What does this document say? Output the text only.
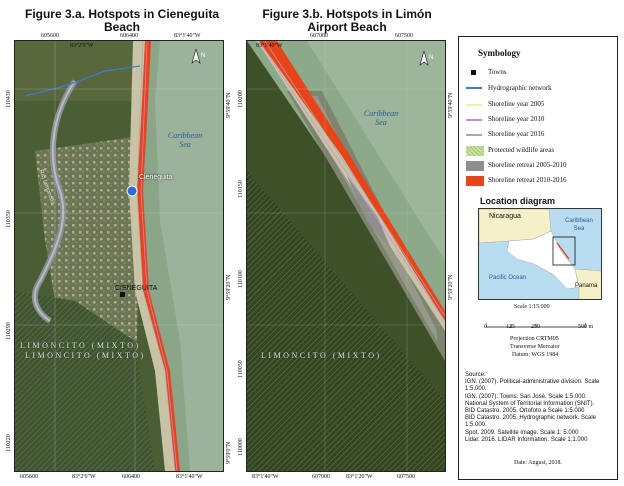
Figure 3.a. Hotspots in Cieneguita Beach
N
Caribbean Sea
Cieneguita
CIENEGUITA
Río Limoncito
LIMONCITO (MIXTO)
LIMONCITO (MIXTO)
605600	606400
605600	606400
83°2'0"W
83°1'40"W
83°2'0"W	83°1'40"W
110430
110350
110290
110220
9°59'40"N
9°59'20"N
9°59'0"N
Figure 3.b. Hotspots in Limón Airport Beach
N
Caribbean Sea
LIMONCITO (MIXTO)
607000	607500
607000	607500
83°1'40"W
83°1'40"W	83°1'20"W
110200
110150
110100
110050
110000
9°59'40"N
9°59'20"N
Symbology
Towns
Hydrographic network
Shoreline year 2005
Shoreline year 2010
Shoreline year 2016
Protected wildlife areas
Shoreline retreat 2005-2010
Shoreline retreat 2010-2016
Location diagram
Nicaragua
Caribbean Sea
Pacific Ocean
Panama
Scale 1:15.000
0	125	250	500 m
Projection CRTM05
Transverse Mercator
Datum: WGS 1984
Source:
IGN. (2007). Political-administrative division. Scale
1:5.000.
IGN. (2007). Towns. San José. Scale 1:5.000.
National System of Territorial Information (SNIT).
BID Catastro. 2005. Ortofoto a Scale 1:5.000
BID Catastro. 2005. Hydrographic network. Scale
1:5.000.
Spot. 2009. Satellite image. Scale 1: 5.000
Lidar. 2016. LIDAR Information. Scale 1:1.000
Date: August, 2018.
